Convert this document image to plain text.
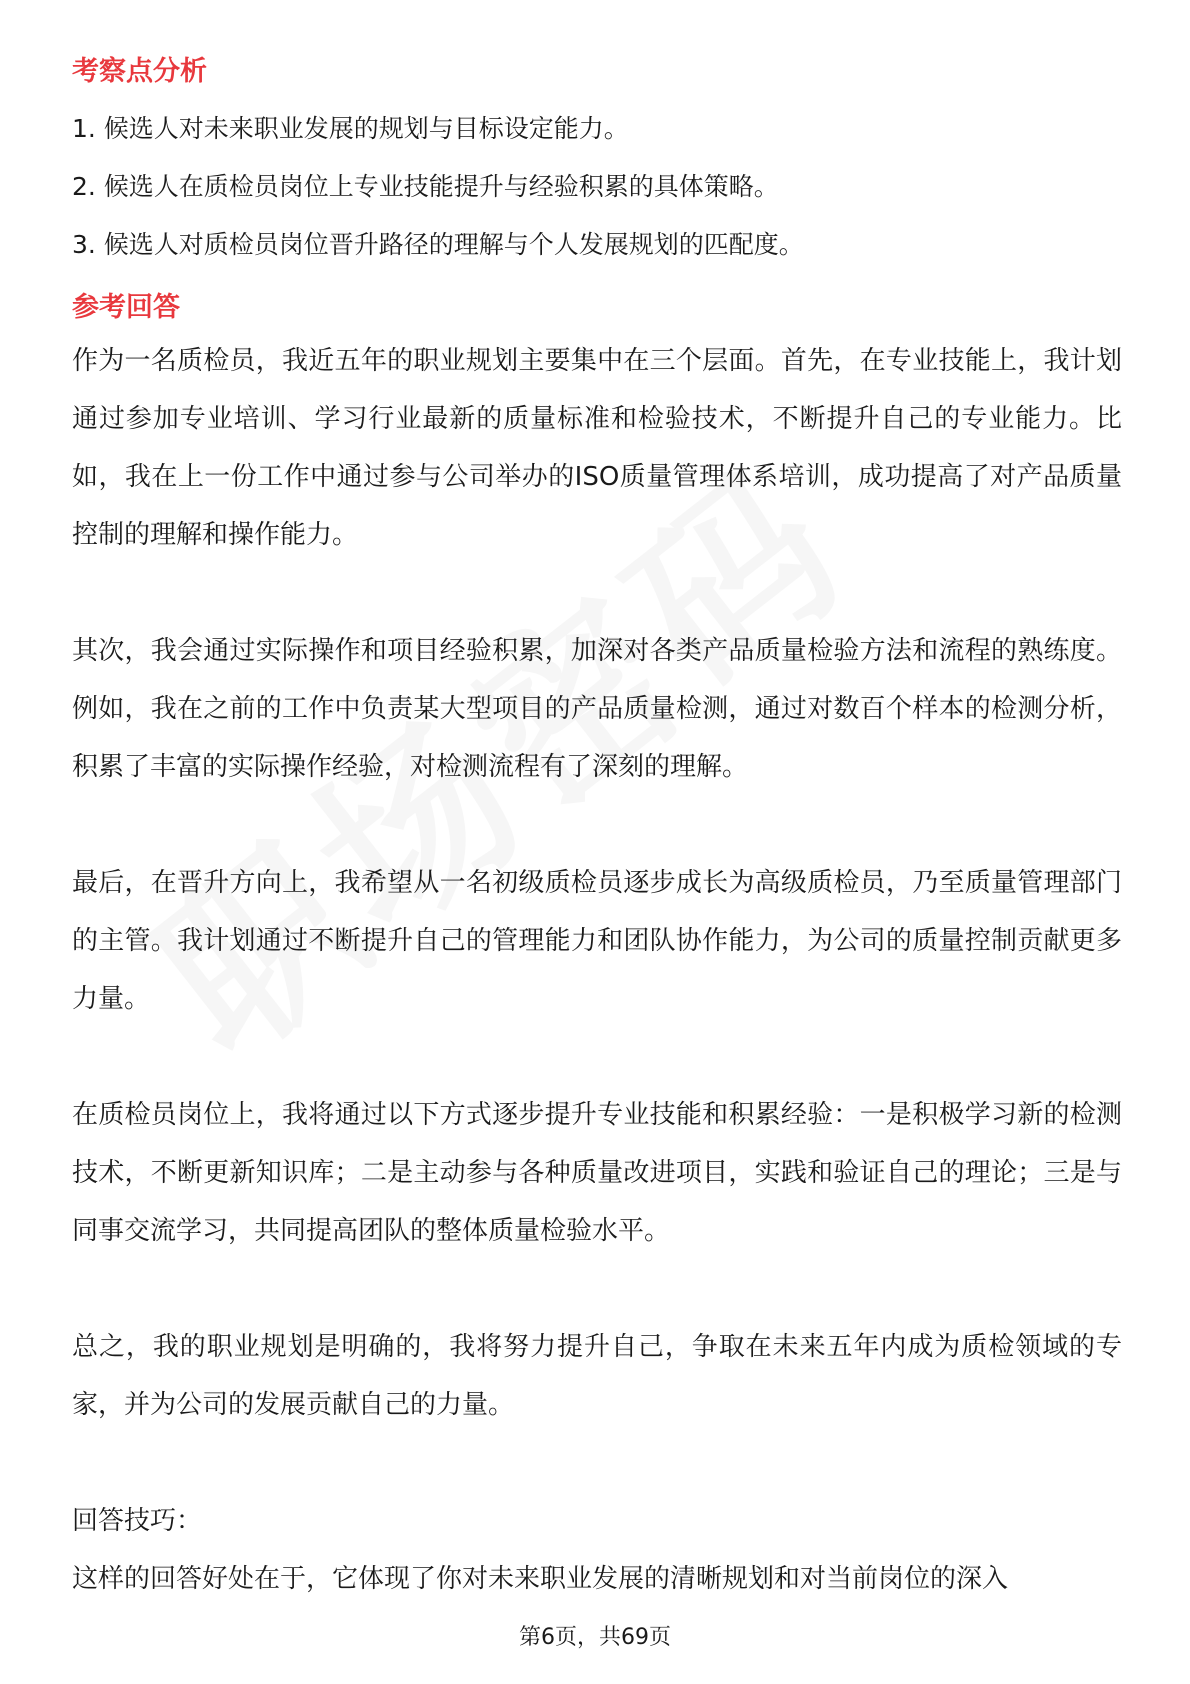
考察点分析
1. 候选人对未来职业发展的规划与目标设定能力。
2. 候选人在质检员岗位上专业技能提升与经验积累的具体策略。
3. 候选人对质检员岗位晋升路径的理解与个人发展规划的匹配度。
参考回答

作为一名质检员，我近五年的职业规划主要集中在三个层面。首先，在专业技能上，我计划通过参加专业培训、学习行业最新的质量标准和检验技术，不断提升自己的专业能力。比如，我在上一份工作中通过参与公司举办的ISO质量管理体系培训，成功提高了对产品质量控制的理解和操作能力。

其次，我会通过实际操作和项目经验积累，加深对各类产品质量检验方法和流程的熟练度。例如，我在之前的工作中负责某大型项目的产品质量检测，通过对数百个样本的检测分析，积累了丰富的实际操作经验，对检测流程有了深刻的理解。

最后，在晋升方向上，我希望从一名初级质检员逐步成长为高级质检员，乃至质量管理部门的主管。我计划通过不断提升自己的管理能力和团队协作能力，为公司的质量控制贡献更多力量。

在质检员岗位上，我将通过以下方式逐步提升专业技能和积累经验：一是积极学习新的检测技术，不断更新知识库；二是主动参与各种质量改进项目，实践和验证自己的理论；三是与同事交流学习，共同提高团队的整体质量检验水平。

总之，我的职业规划是明确的，我将努力提升自己，争取在未来五年内成为质检领域的专家，并为公司的发展贡献自己的力量。

回答技巧：

这样的回答好处在于，它体现了你对未来职业发展的清晰规划和对当前岗位的深入

第6页，共69页
